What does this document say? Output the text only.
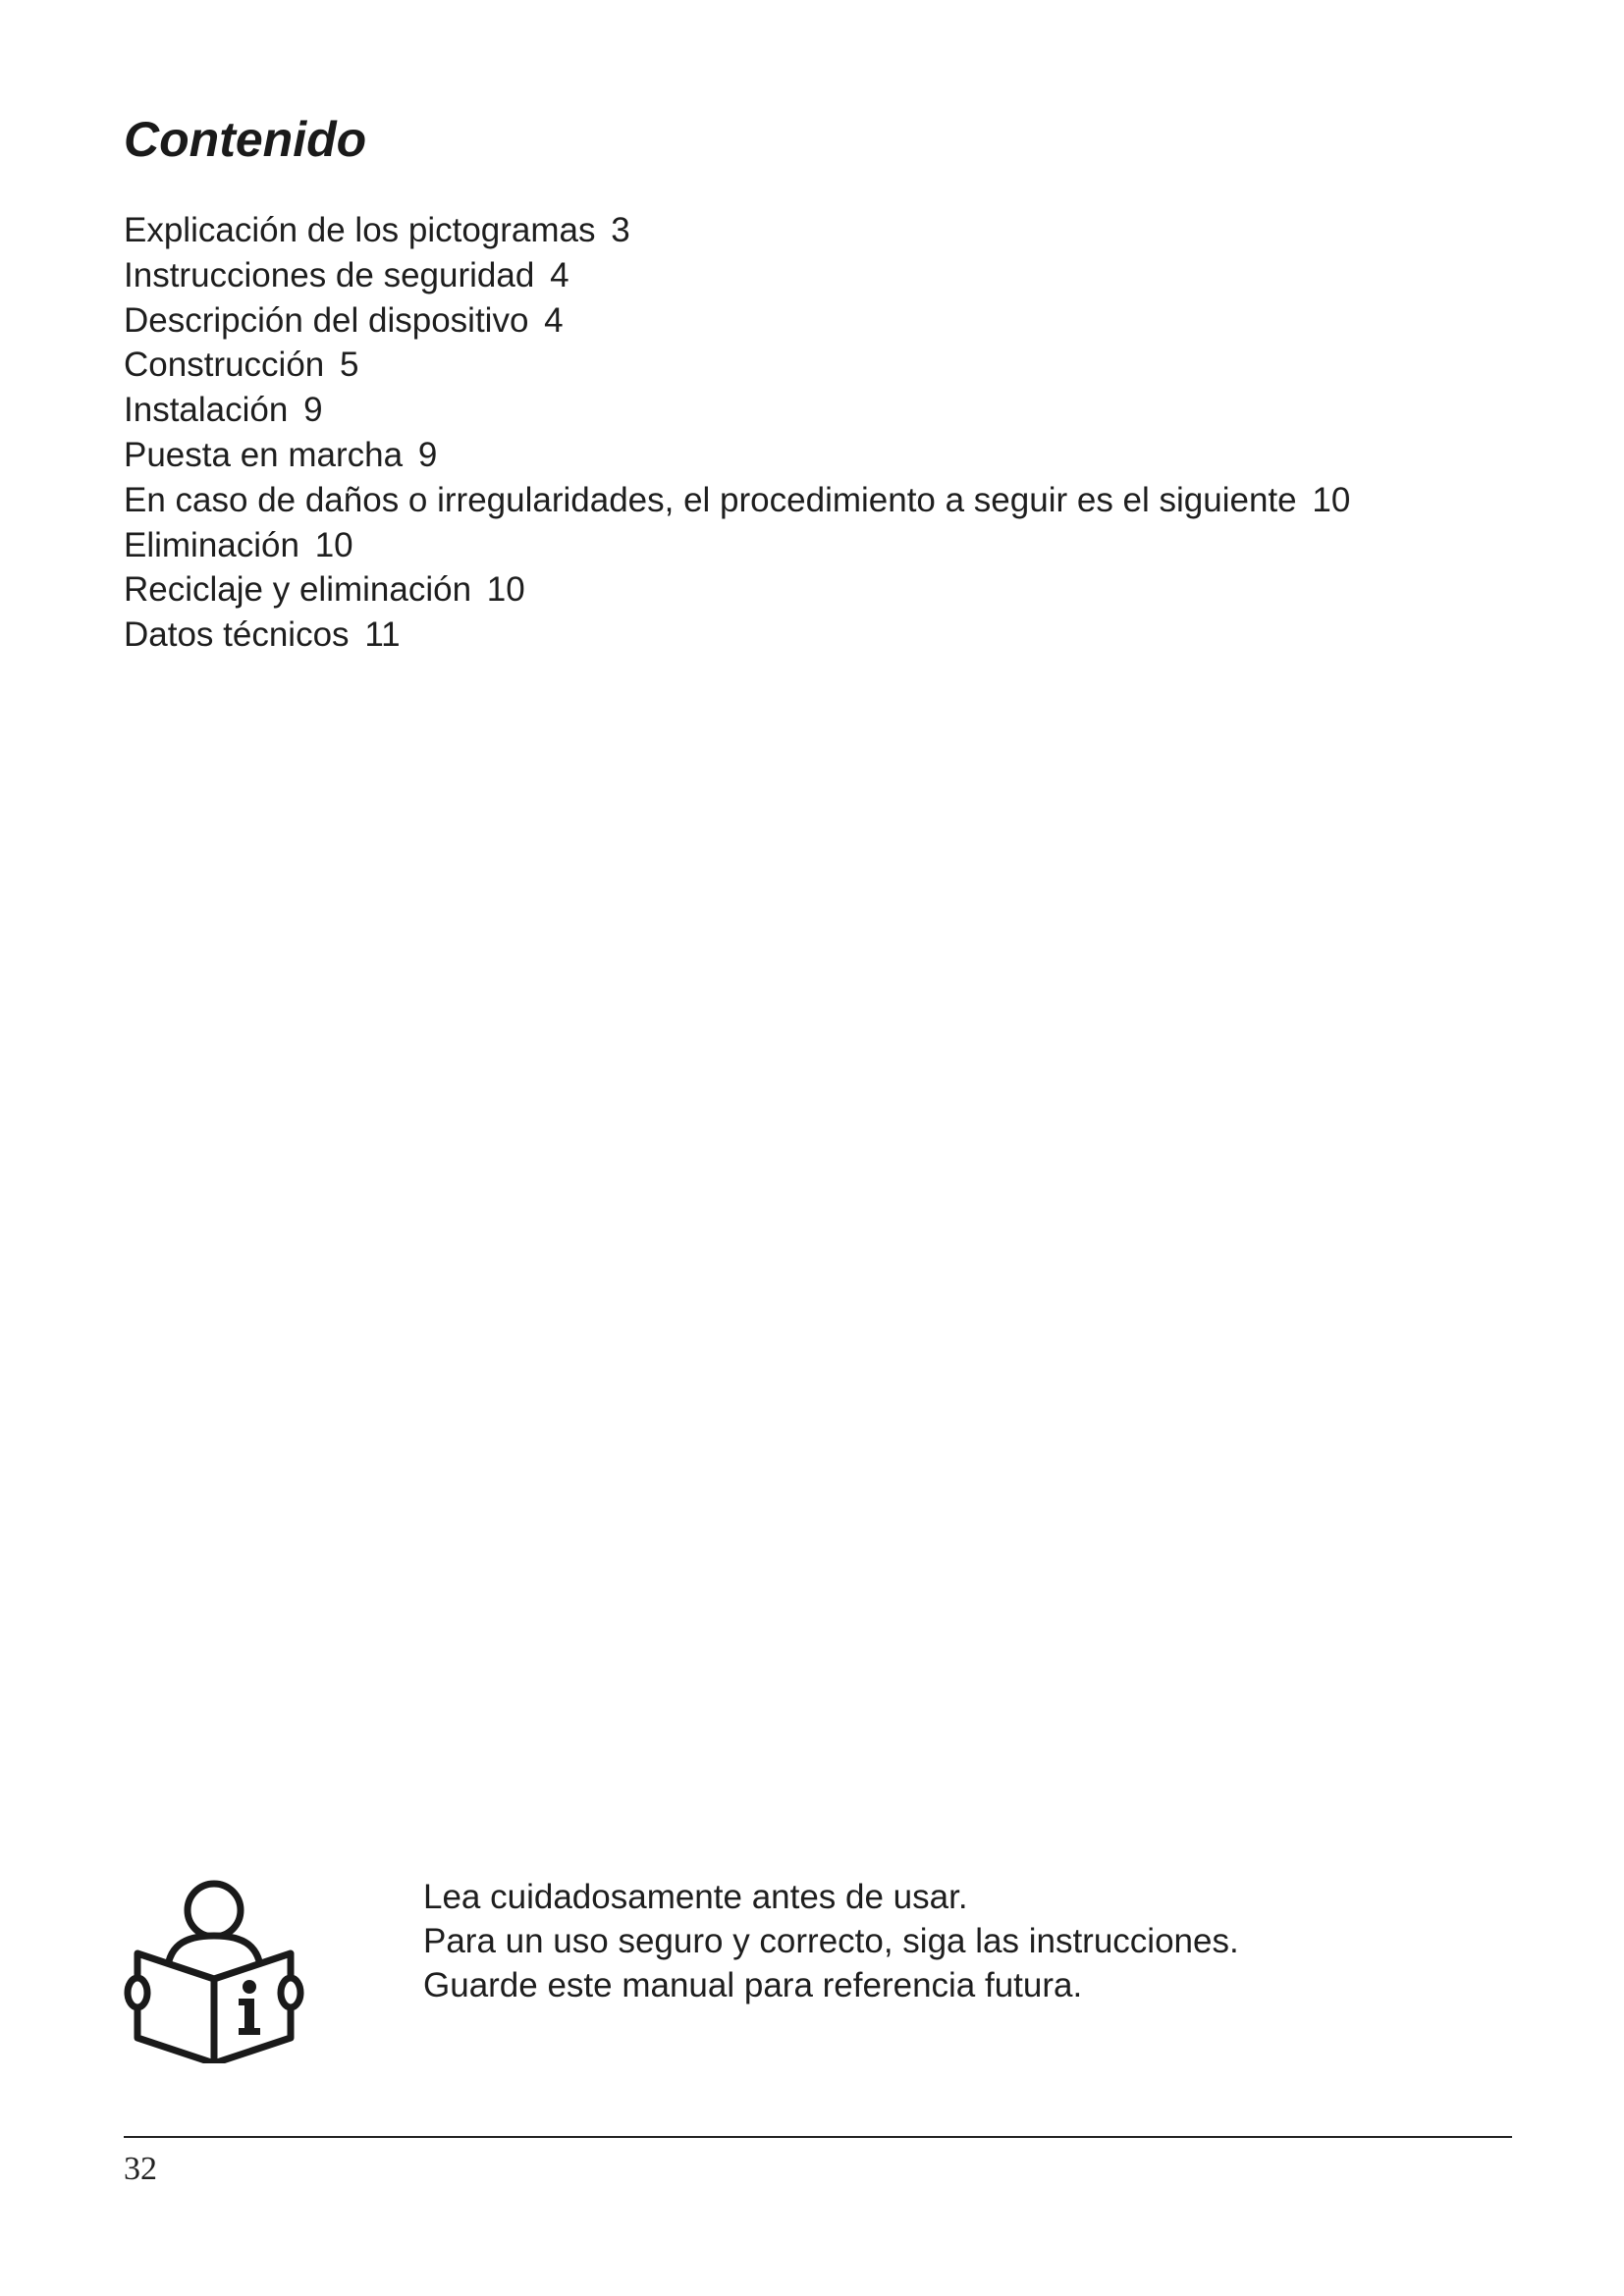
Contenido
Explicación de los pictogramas 3
Instrucciones de seguridad 4
Descripción del dispositivo 4
Construcción 5
Instalación 9
Puesta en marcha 9
En caso de daños o irregularidades, el procedimiento a seguir es el siguiente 10
Eliminación 10
Reciclaje y eliminación 10
Datos técnicos 11
Lea cuidadosamente antes de usar.
Para un uso seguro y correcto, siga las instrucciones.
Guarde este manual para referencia futura.
32
